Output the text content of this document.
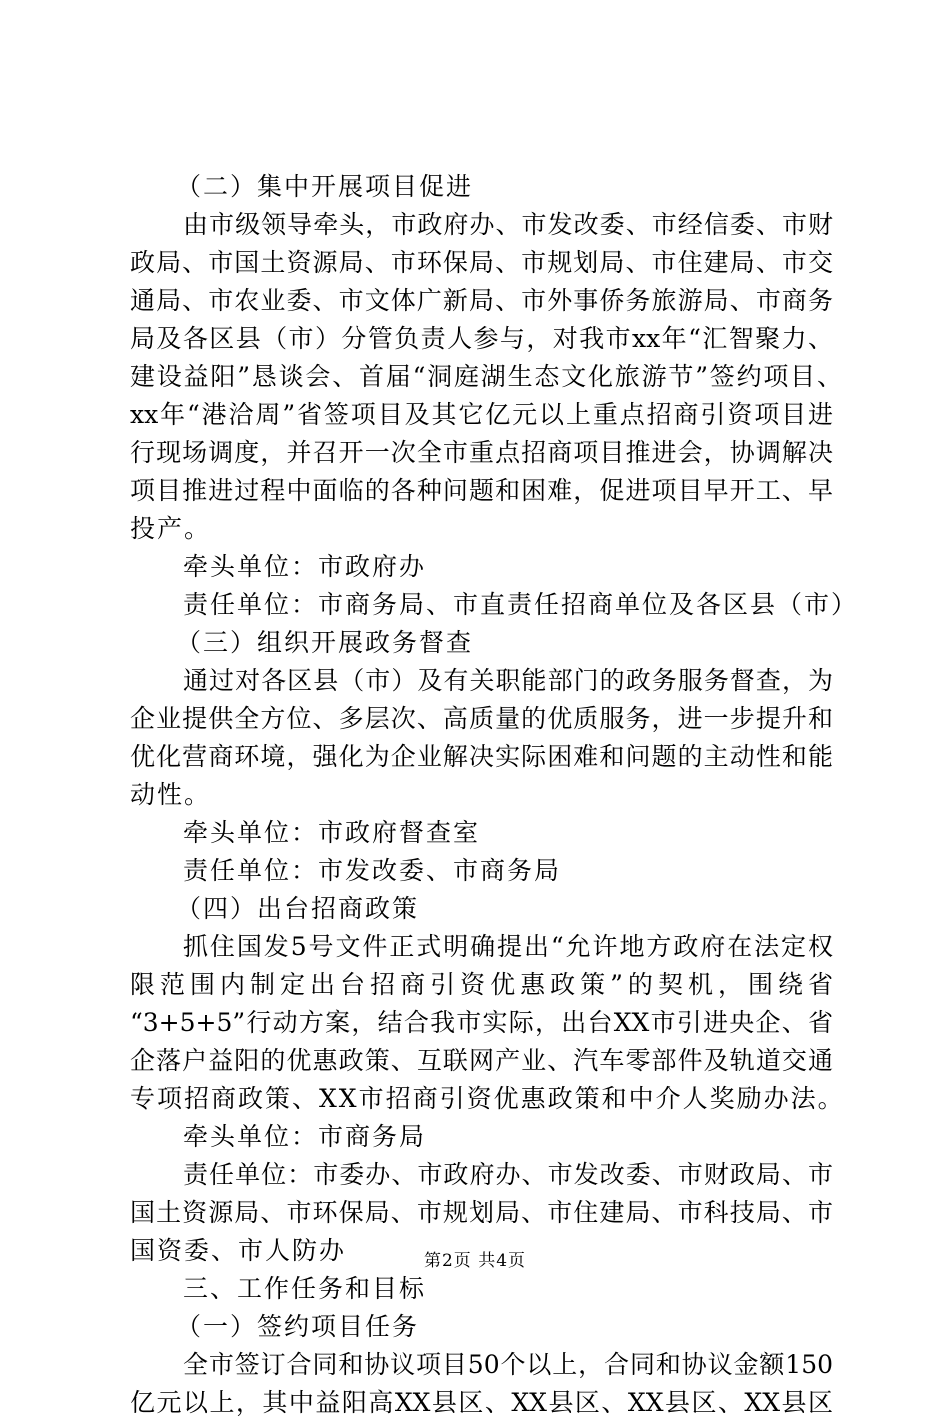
（二）集中开展项目促进
由市级领导牵头，市政府办、市发改委、市经信委、市财
政局、市国土资源局、市环保局、市规划局、市住建局、市交
通局、市农业委、市文体广新局、市外事侨务旅游局、市商务
局及各区县（市）分管负责人参与，对我市xx年“汇智聚力、
建设益阳”恳谈会、首届“洞庭湖生态文化旅游节”签约项目、
xx年“港洽周”省签项目及其它亿元以上重点招商引资项目进
行现场调度，并召开一次全市重点招商项目推进会，协调解决
项目推进过程中面临的各种问题和困难，促进项目早开工、早
投产。
牵头单位：市政府办
责任单位：市商务局、市直责任招商单位及各区县（市）
（三）组织开展政务督查
通过对各区县（市）及有关职能部门的政务服务督查，为
企业提供全方位、多层次、高质量的优质服务，进一步提升和
优化营商环境，强化为企业解决实际困难和问题的主动性和能
动性。
牵头单位：市政府督查室
责任单位：市发改委、市商务局
（四）出台招商政策
抓住国发5号文件正式明确提出“允许地方政府在法定权
限范围内制定出台招商引资优惠政策”的契机，围绕省
“3+5+5”行动方案，结合我市实际，出台XX市引进央企、省
企落户益阳的优惠政策、互联网产业、汽车零部件及轨道交通
专项招商政策、XX市招商引资优惠政策和中介人奖励办法。
牵头单位：市商务局
责任单位：市委办、市政府办、市发改委、市财政局、市
国土资源局、市环保局、市规划局、市住建局、市科技局、市
国资委、市人防办
三、工作任务和目标
（一）签约项目任务
全市签订合同和协议项目50个以上，合同和协议金额150
亿元以上，其中益阳高XX县区、XX县区、XX县区、XX县区
第2页 共4页
